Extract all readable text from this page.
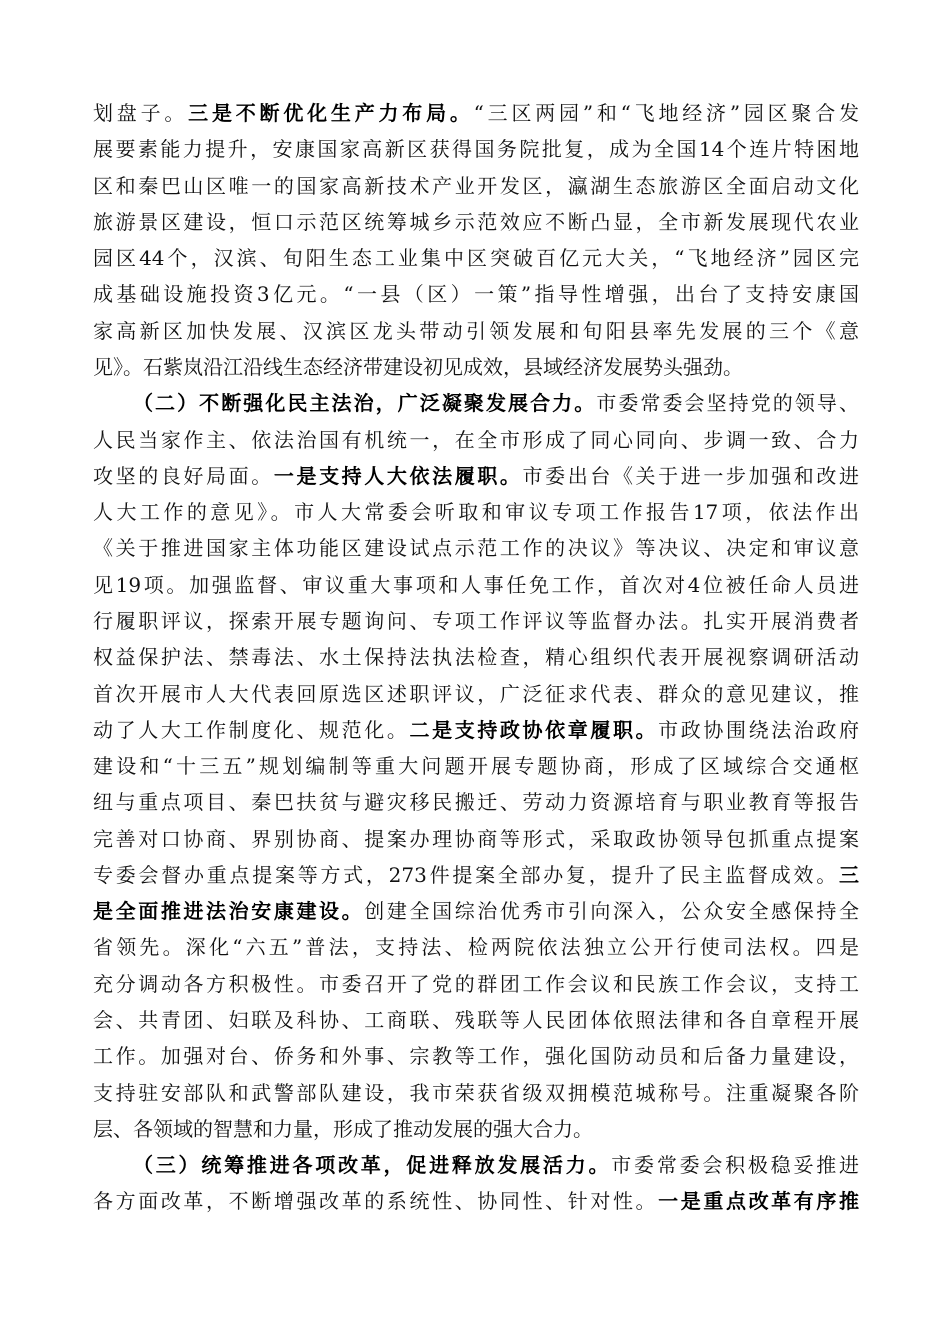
划盘子。三是不断优化生产力布局。“三区两园”和“飞地经济”园区聚合发
展要素能力提升，安康国家高新区获得国务院批复，成为全国14个连片特困地
区和秦巴山区唯一的国家高新技术产业开发区，瀛湖生态旅游区全面启动文化
旅游景区建设，恒口示范区统筹城乡示范效应不断凸显，全市新发展现代农业
园区44个，汉滨、旬阳生态工业集中区突破百亿元大关，“飞地经济”园区完
成基础设施投资3亿元。“一县（区）一策”指导性增强，出台了支持安康国
家高新区加快发展、汉滨区龙头带动引领发展和旬阳县率先发展的三个《意
见》。石紫岚沿江沿线生态经济带建设初见成效，县域经济发展势头强劲。
（二）不断强化民主法治，广泛凝聚发展合力。市委常委会坚持党的领导、
人民当家作主、依法治国有机统一，在全市形成了同心同向、步调一致、合力
攻坚的良好局面。一是支持人大依法履职。市委出台《关于进一步加强和改进
人大工作的意见》。市人大常委会听取和审议专项工作报告17项，依法作出
《关于推进国家主体功能区建设试点示范工作的决议》等决议、决定和审议意
见19项。加强监督、审议重大事项和人事任免工作，首次对4位被任命人员进
行履职评议，探索开展专题询问、专项工作评议等监督办法。扎实开展消费者
权益保护法、禁毒法、水土保持法执法检查，精心组织代表开展视察调研活动
首次开展市人大代表回原选区述职评议，广泛征求代表、群众的意见建议，推
动了人大工作制度化、规范化。二是支持政协依章履职。市政协围绕法治政府
建设和“十三五”规划编制等重大问题开展专题协商，形成了区域综合交通枢
纽与重点项目、秦巴扶贫与避灾移民搬迁、劳动力资源培育与职业教育等报告
完善对口协商、界别协商、提案办理协商等形式，采取政协领导包抓重点提案
专委会督办重点提案等方式，273件提案全部办复，提升了民主监督成效。三
是全面推进法治安康建设。创建全国综治优秀市引向深入，公众安全感保持全
省领先。深化“六五”普法，支持法、检两院依法独立公开行使司法权。四是
充分调动各方积极性。市委召开了党的群团工作会议和民族工作会议，支持工
会、共青团、妇联及科协、工商联、残联等人民团体依照法律和各自章程开展
工作。加强对台、侨务和外事、宗教等工作，强化国防动员和后备力量建设，
支持驻安部队和武警部队建设，我市荣获省级双拥模范城称号。注重凝聚各阶
层、各领域的智慧和力量，形成了推动发展的强大合力。
（三）统筹推进各项改革，促进释放发展活力。市委常委会积极稳妥推进
各方面改革，不断增强改革的系统性、协同性、针对性。一是重点改革有序推
